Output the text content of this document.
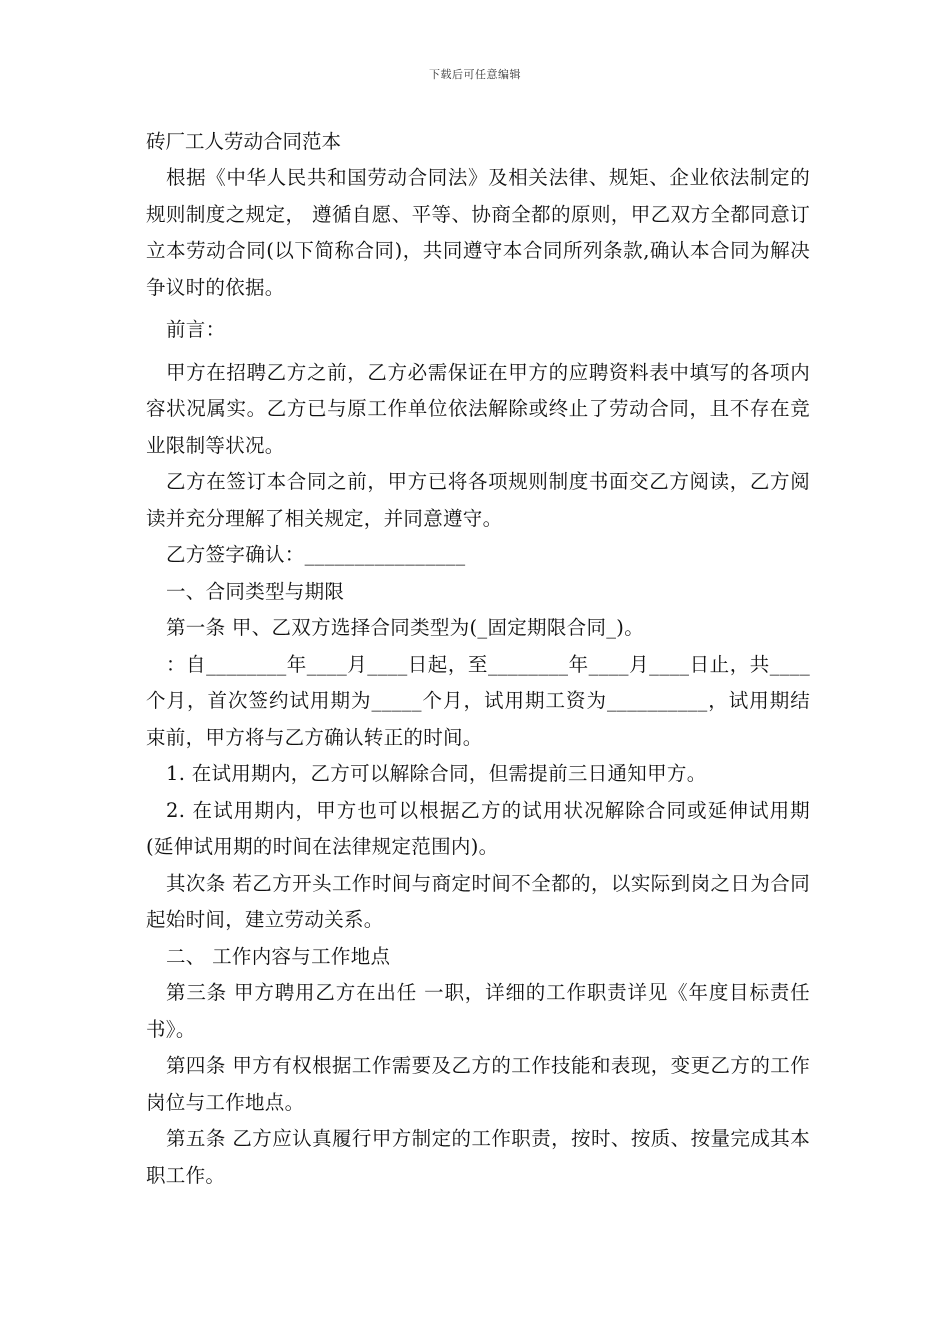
下载后可任意编辑

砖厂工人劳动合同范本

根据《中华人民共和国劳动合同法》及相关法律、规矩、企业依法制定的规则制度之规定， 遵循自愿、平等、协商全都的原则，甲乙双方全都同意订立本劳动合同(以下简称合同)，共同遵守本合同所列条款,确认本合同为解决争议时的依据。

前言：

甲方在招聘乙方之前，乙方必需保证在甲方的应聘资料表中填写的各项内容状况属实。乙方已与原工作单位依法解除或终止了劳动合同，且不存在竞业限制等状况。

乙方在签订本合同之前，甲方已将各项规则制度书面交乙方阅读，乙方阅读并充分理解了相关规定，并同意遵守。

乙方签字确认：________________

一、合同类型与期限

第一条 甲、乙双方选择合同类型为(_固定期限合同_)。

：自________年____月____日起，至________年____月____日止，共____个月，首次签约试用期为_____个月，试用期工资为__________，试用期结束前，甲方将与乙方确认转正的时间。

1. 在试用期内，乙方可以解除合同，但需提前三日通知甲方。

2. 在试用期内，甲方也可以根据乙方的试用状况解除合同或延伸试用期(延伸试用期的时间在法律规定范围内)。

其次条 若乙方开头工作时间与商定时间不全都的，以实际到岗之日为合同起始时间，建立劳动关系。

二、 工作内容与工作地点

第三条 甲方聘用乙方在出任 一职，详细的工作职责详见《年度目标责任书》。

第四条 甲方有权根据工作需要及乙方的工作技能和表现，变更乙方的工作岗位与工作地点。

第五条 乙方应认真履行甲方制定的工作职责，按时、按质、按量完成其本职工作。
